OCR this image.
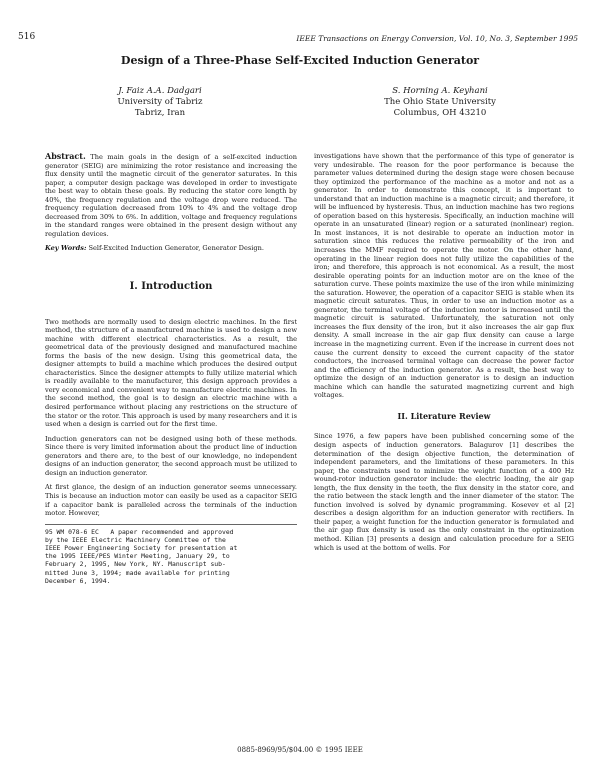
516	IEEE Transactions on Energy Conversion, Vol. 10, No. 3, September 1995
Design of a Three-Phase Self-Excited Induction Generator
J. Faiz A.A. Dadgari
University of Tabriz
Tabriz, Iran
S. Horning A. Keyhani
The Ohio State University
Columbus, OH 43210

Abstract. The main goals in the design of a self-excited induction generator (SEIG) are minimizing the rotor resistance and increasing the flux density until the magnetic circuit of the generator saturates. In this paper, a computer design package was developed in order to investigate the best way to obtain these goals. By reducing the stator core length by 40%, the frequency regulation and the voltage drop were reduced. The frequency regulation decreased from 10% to 4% and the voltage drop decreased from 30% to 6%. In addition, voltage and frequency regulations in the standard ranges were obtained in the present design without any regulation devices.

Key Words: Self-Excited Induction Generator, Generator Design.

I. Introduction

Two methods are normally used to design electric machines. In the first method, the structure of a manufactured machine is used to design a new machine with different electrical characteristics. As a result, the geometrical data of the previously designed and manufactured machine forms the basis of the new design. Using this geometrical data, the designer attempts to build a machine which produces the desired output characteristics. Since the designer attempts to fully utilize material which is readily available to the manufacturer, this design approach provides a very economical and convenient way to manufacture electric machines. In the second method, the goal is to design an electric machine with a desired performance without placing any restrictions on the structure of the stator or the rotor. This approach is used by many researchers and it is used when a design is carried out for the first time.

Induction generators can not be designed using both of these methods. Since there is very limited information about the product line of induction generators and there are, to the best of our knowledge, no independent designs of an induction generator, the second approach must be utilized to design an induction generator.

At first glance, the design of an induction generator seems unnecessary. This is because an induction motor can easily be used as a capacitor SEIG if a capacitor bank is paralleled across the terminals of the induction motor. However,

95 WM 078-6 EC   A paper recommended and approved
by the IEEE Electric Machinery Committee of the
IEEE Power Engineering Society for presentation at
the 1995 IEEE/PES Winter Meeting, January 29, to
February 2, 1995, New York, NY. Manuscript sub-
mitted June 3, 1994; made available for printing
December 6, 1994.

investigations have shown that the performance of this type of generator is very undesirable. The reason for the poor performance is because the parameter values determined during the design stage were chosen because they optimized the performance of the machine as a motor and not as a generator. In order to demonstrate this concept, it is important to understand that an induction machine is a magnetic circuit; and therefore, it will be influenced by hysteresis. Thus, an induction machine has two regions of operation based on this hysteresis. Specifically, an induction machine will operate in an unsaturated (linear) region or a saturated (nonlinear) region. In most instances, it is not desirable to operate an induction motor in saturation since this reduces the relative permeability of the iron and increases the MMF required to operate the motor. On the other hand, operating in the linear region does not fully utilize the capabilities of the iron; and therefore, this approach is not economical. As a result, the most desirable operating points for an induction motor are on the knee of the saturation curve. These points maximize the use of the iron while minimizing the saturation. However, the operation of a capacitor SEIG is stable when its magnetic circuit saturates. Thus, in order to use an induction motor as a generator, the terminal voltage of the induction motor is increased until the magnetic circuit is saturated. Unfortunately, the saturation not only increases the flux density of the iron, but it also increases the air gap flux density. A small increase in the air gap flux density can cause a large increase in the magnetizing current. Even if the increase in current does not cause the current density to exceed the current capacity of the stator conductors, the increased terminal voltage can decrease the power factor and the efficiency of the induction generator. As a result, the best way to optimize the design of an induction generator is to design an induction machine which can handle the saturated magnetizing current and high voltages.

II. Literature Review

Since 1976, a few papers have been published concerning some of the design aspects of induction generators. Balagurov [1] describes the determination of the design objective function, the determination of independent parameters, and the limitations of these parameters. In this paper, the constraints used to minimize the weight function of a 400 Hz wound-rotor induction generator include: the electric loading, the air gap length, the flux density in the teeth, the flux density in the stator core, and the ratio between the stack length and the inner diameter of the stator. The function involved is solved by dynamic programming. Kosevev et al [2] describes a design algorithm for an induction generator with rectifiers. In their paper, a weight function for the induction generator is formulated and the air gap flux density is used as the only constraint in the optimization method. Kilian [3] presents a design and calculation procedure for a SEIG which is used at the bottom of wells. For

0885-8969/95/$04.00 © 1995 IEEE
